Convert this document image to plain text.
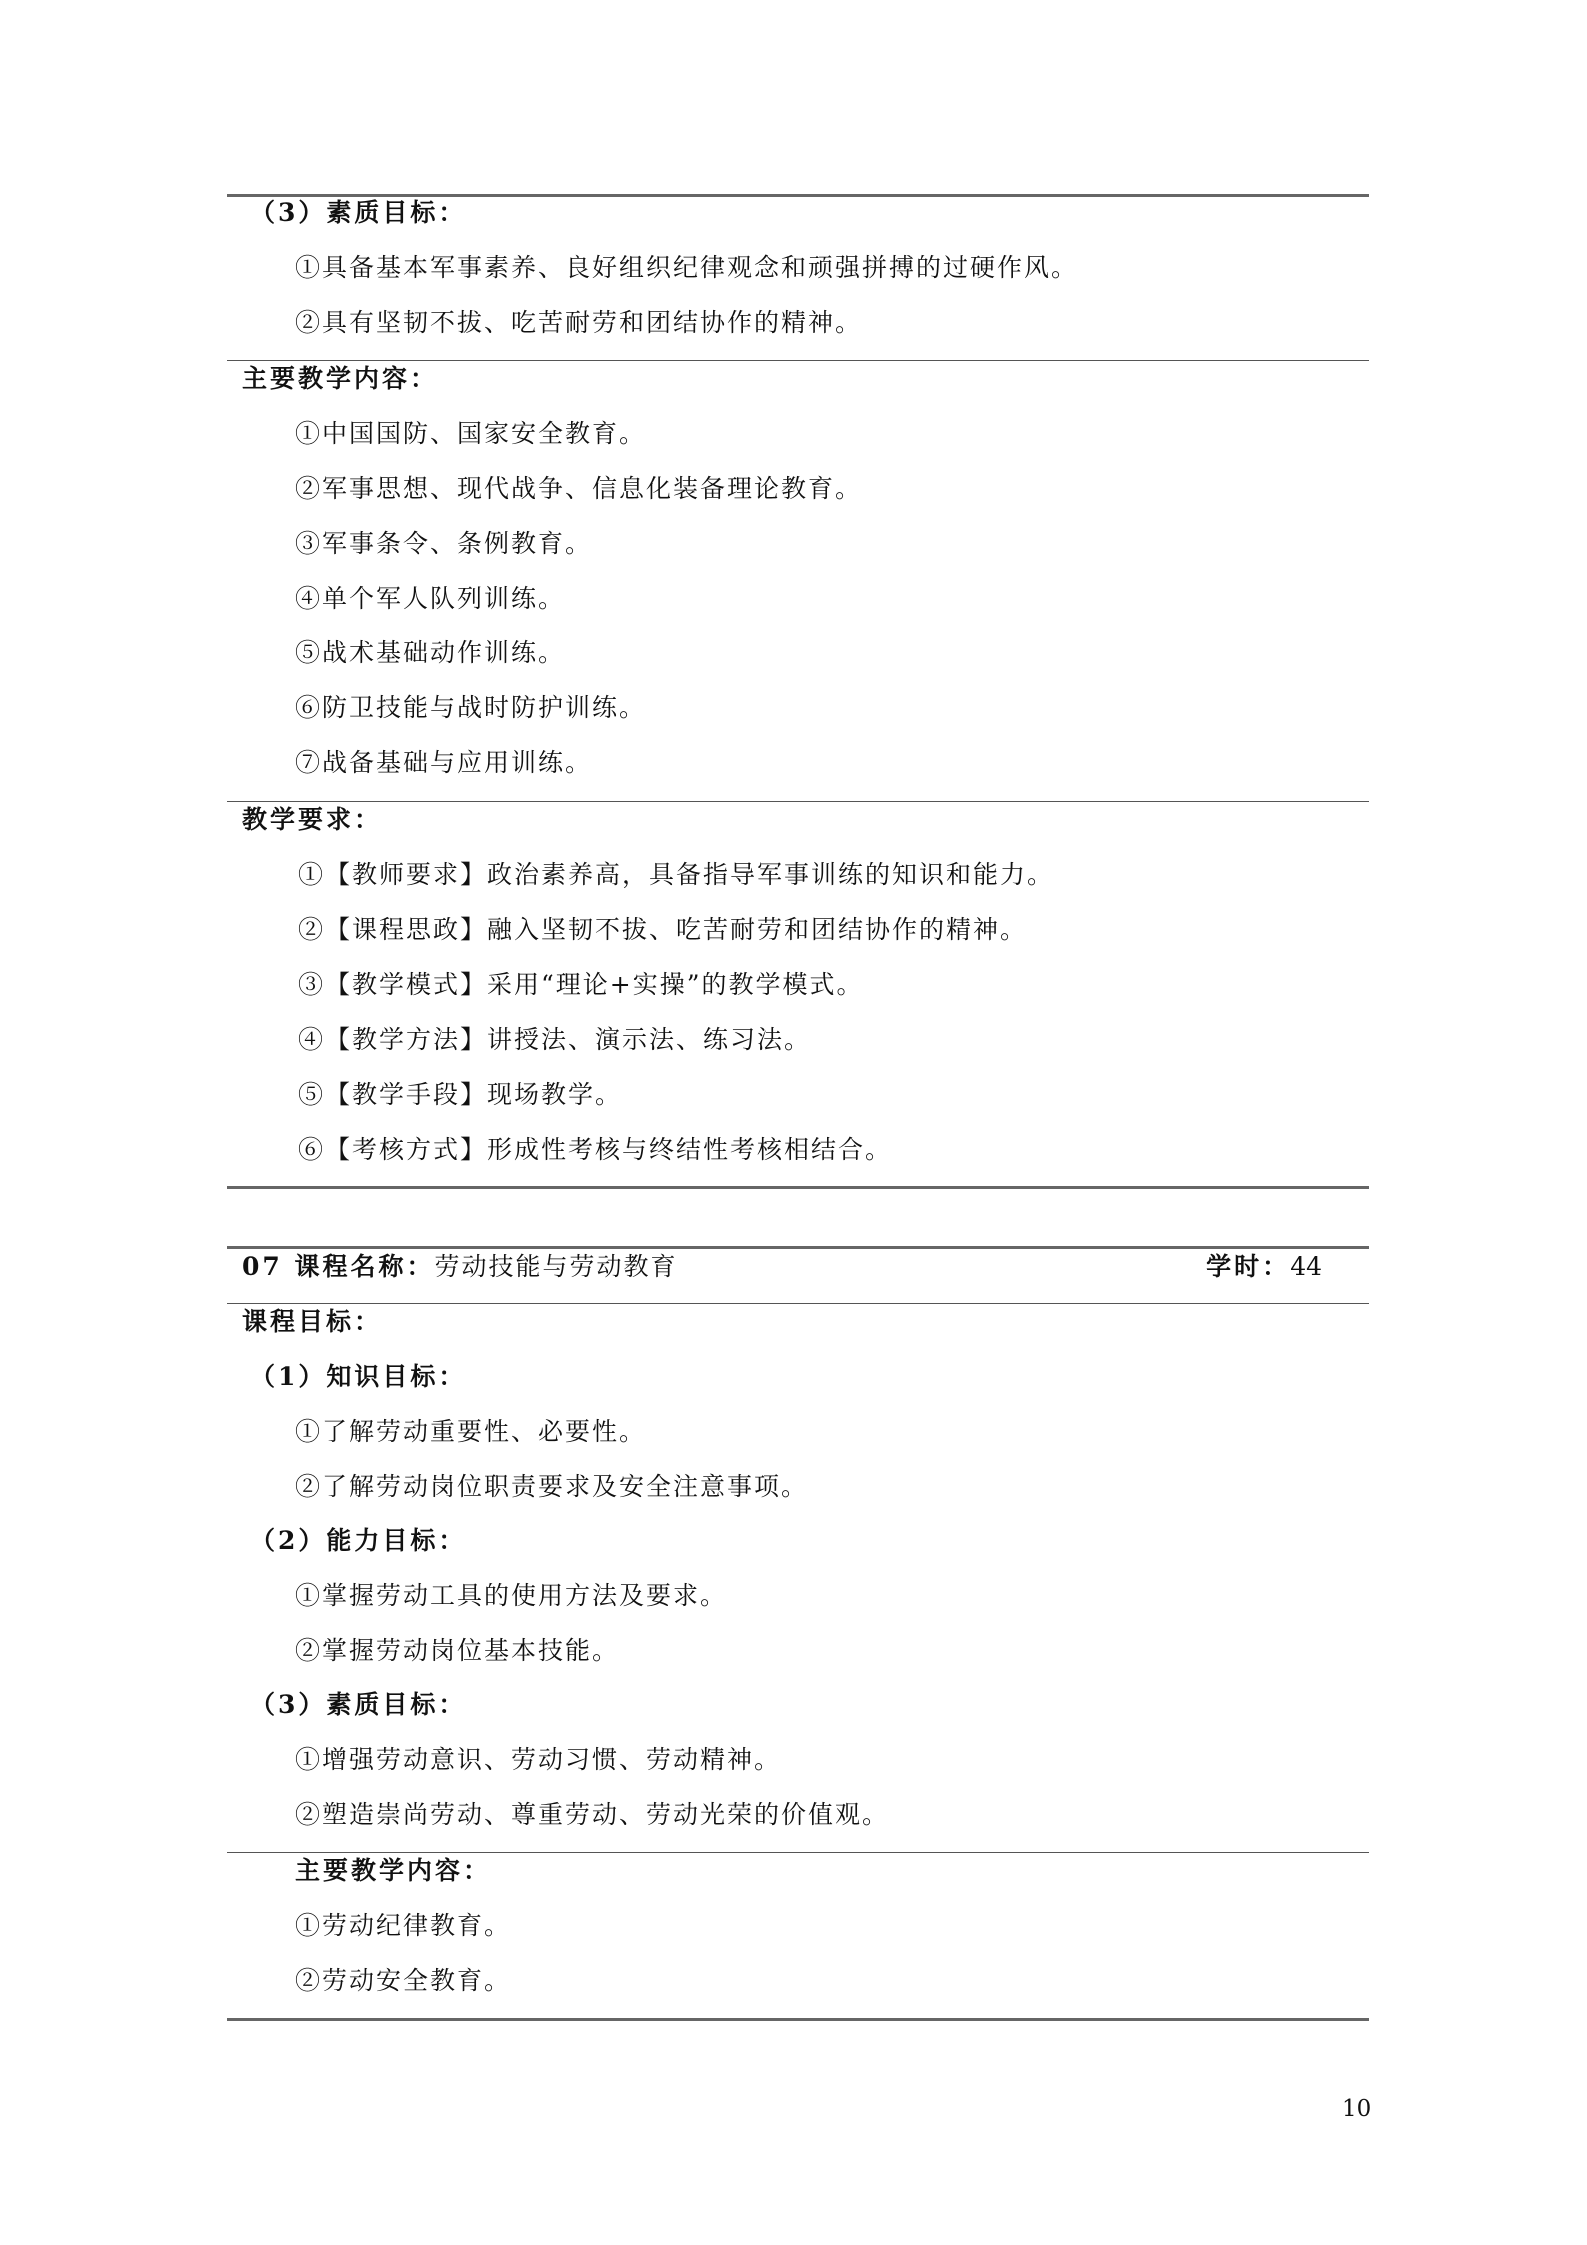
（3）素质目标：
①具备基本军事素养、良好组织纪律观念和顽强拼搏的过硬作风。
②具有坚韧不拔、吃苦耐劳和团结协作的精神。
主要教学内容：
①中国国防、国家安全教育。
②军事思想、现代战争、信息化装备理论教育。
③军事条令、条例教育。
④单个军人队列训练。
⑤战术基础动作训练。
⑥防卫技能与战时防护训练。
⑦战备基础与应用训练。
教学要求：
①【教师要求】政治素养高，具备指导军事训练的知识和能力。
②【课程思政】融入坚韧不拔、吃苦耐劳和团结协作的精神。
③【教学模式】采用“理论+实操”的教学模式。
④【教学方法】讲授法、演示法、练习法。
⑤【教学手段】现场教学。
⑥【考核方式】形成性考核与终结性考核相结合。
07 课程名称：劳动技能与劳动教育	学时：44
课程目标：
（1）知识目标：
①了解劳动重要性、必要性。
②了解劳动岗位职责要求及安全注意事项。
（2）能力目标：
①掌握劳动工具的使用方法及要求。
②掌握劳动岗位基本技能。
（3）素质目标：
①增强劳动意识、劳动习惯、劳动精神。
②塑造崇尚劳动、尊重劳动、劳动光荣的价值观。
主要教学内容：
①劳动纪律教育。
②劳动安全教育。
10
